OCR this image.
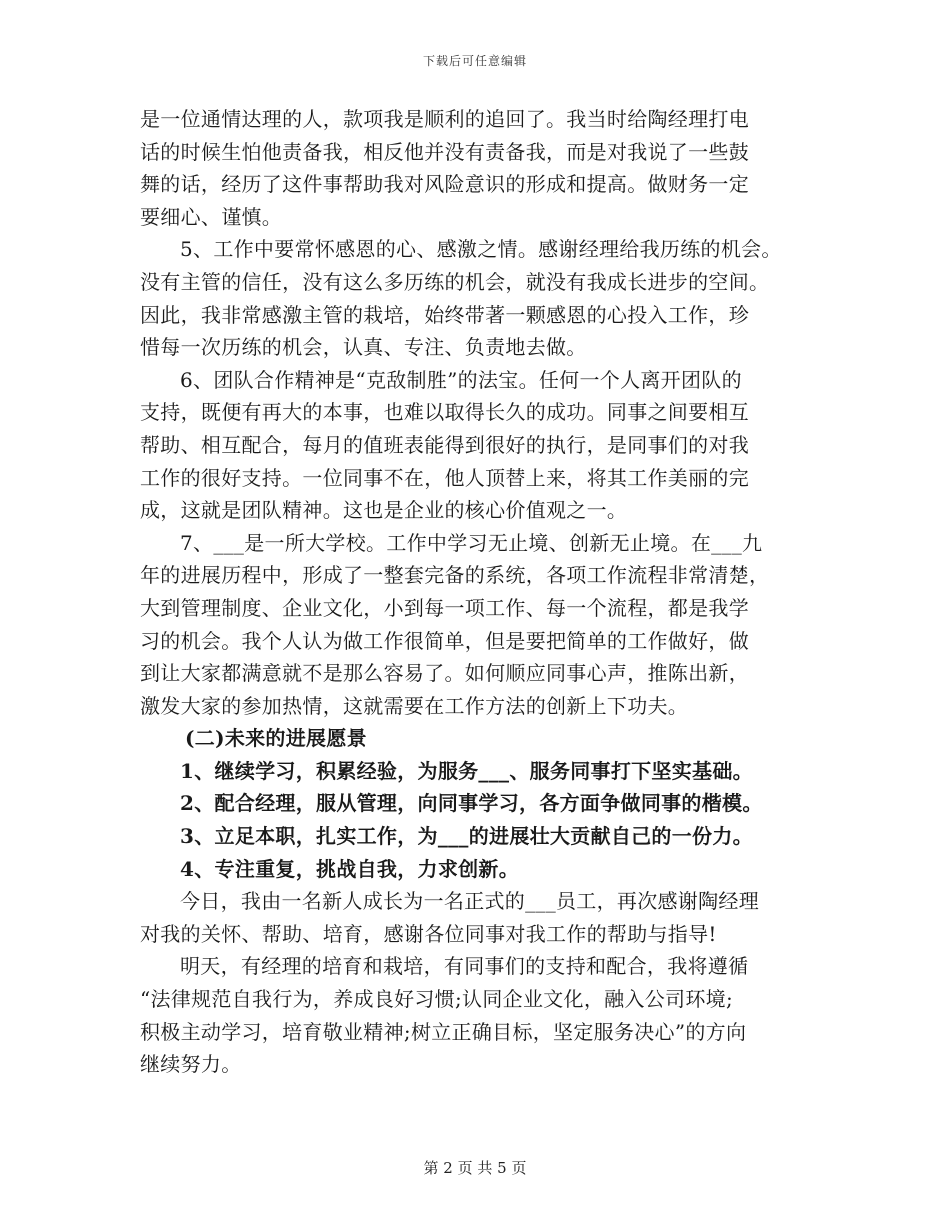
下载后可任意编辑
是一位通情达理的人，款项我是顺利的追回了。我当时给陶经理打电
话的时候生怕他责备我，相反他并没有责备我，而是对我说了一些鼓
舞的话，经历了这件事帮助我对风险意识的形成和提高。做财务一定
要细心、谨慎。
5、工作中要常怀感恩的心、感激之情。感谢经理给我历练的机会。
没有主管的信任，没有这么多历练的机会，就没有我成长进步的空间。
因此，我非常感激主管的栽培，始终带著一颗感恩的心投入工作，珍
惜每一次历练的机会，认真、专注、负责地去做。
6、团队合作精神是“克敌制胜”的法宝。任何一个人离开团队的
支持，既便有再大的本事，也难以取得长久的成功。同事之间要相互
帮助、相互配合，每月的值班表能得到很好的执行，是同事们的对我
工作的很好支持。一位同事不在，他人顶替上来，将其工作美丽的完
成，这就是团队精神。这也是企业的核心价值观之一。
7、___是一所大学校。工作中学习无止境、创新无止境。在___九
年的进展历程中，形成了一整套完备的系统，各项工作流程非常清楚，
大到管理制度、企业文化，小到每一项工作、每一个流程，都是我学
习的机会。我个人认为做工作很简单，但是要把简单的工作做好，做
到让大家都满意就不是那么容易了。如何顺应同事心声，推陈出新，
激发大家的参加热情，这就需要在工作方法的创新上下功夫。
(二)未来的进展愿景
1、继续学习，积累经验，为服务___、服务同事打下坚实基础。
2、配合经理，服从管理，向同事学习，各方面争做同事的楷模。
3、立足本职，扎实工作，为___的进展壮大贡献自己的一份力。
4、专注重复，挑战自我，力求创新。
今日，我由一名新人成长为一名正式的___员工，再次感谢陶经理
对我的关怀、帮助、培育，感谢各位同事对我工作的帮助与指导!
明天，有经理的培育和栽培，有同事们的支持和配合，我将遵循
“法律规范自我行为，养成良好习惯;认同企业文化，融入公司环境;
积极主动学习，培育敬业精神;树立正确目标，坚定服务决心”的方向
继续努力。
第 2 页 共 5 页
